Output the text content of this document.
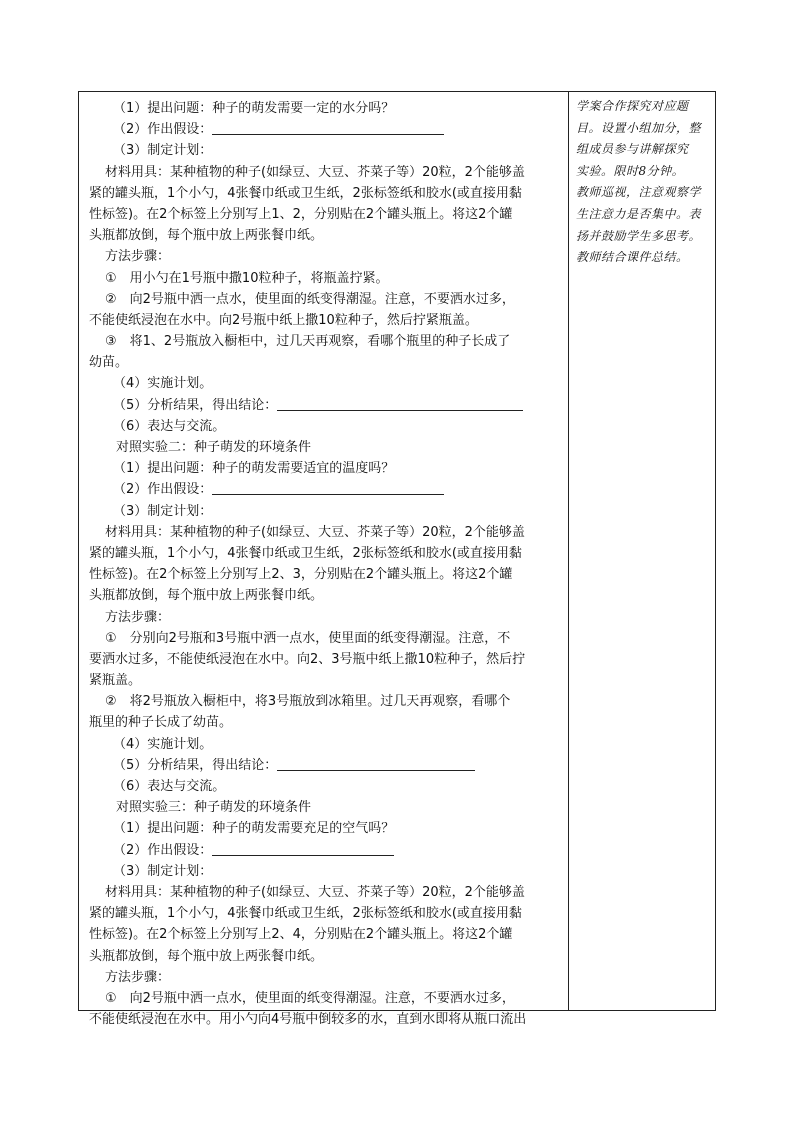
（1）提出问题：种子的萌发需要一定的水分吗？
（2）作出假设：
（3）制定计划：
材料用具：某种植物的种子(如绿豆、大豆、芥菜子等）20粒，2个能够盖
紧的罐头瓶，1个小勺，4张餐巾纸或卫生纸，2张标签纸和胶水(或直接用黏
性标签)。在2个标签上分别写上1、2，分别贴在2个罐头瓶上。将这2个罐
头瓶都放倒，每个瓶中放上两张餐巾纸。
方法步骤：
①　用小勺在1号瓶中撒10粒种子，将瓶盖拧紧。
②　向2号瓶中洒一点水，使里面的纸变得潮湿。注意，不要洒水过多，
不能使纸浸泡在水中。向2号瓶中纸上撒10粒种子，然后拧紧瓶盖。
③　将1、2号瓶放入橱柜中，过几天再观察，看哪个瓶里的种子长成了
幼苗。
（4）实施计划。
（5）分析结果，得出结论：
（6）表达与交流。
对照实验二：种子萌发的环境条件
（1）提出问题：种子的萌发需要适宜的温度吗？
（2）作出假设：
（3）制定计划：
材料用具：某种植物的种子(如绿豆、大豆、芥菜子等）20粒，2个能够盖
紧的罐头瓶，1个小勺，4张餐巾纸或卫生纸，2张标签纸和胶水(或直接用黏
性标签)。在2个标签上分别写上2、3，分别贴在2个罐头瓶上。将这2个罐
头瓶都放倒，每个瓶中放上两张餐巾纸。
方法步骤：
①　分别向2号瓶和3号瓶中洒一点水，使里面的纸变得潮湿。注意，不
要洒水过多，不能使纸浸泡在水中。向2、3号瓶中纸上撒10粒种子，然后拧
紧瓶盖。
②　将2号瓶放入橱柜中，将3号瓶放到冰箱里。过几天再观察，看哪个
瓶里的种子长成了幼苗。
（4）实施计划。
（5）分析结果，得出结论：
（6）表达与交流。
对照实验三：种子萌发的环境条件
（1）提出问题：种子的萌发需要充足的空气吗？
（2）作出假设：
（3）制定计划：
材料用具：某种植物的种子(如绿豆、大豆、芥菜子等）20粒，2个能够盖
紧的罐头瓶，1个小勺，4张餐巾纸或卫生纸，2张标签纸和胶水(或直接用黏
性标签)。在2个标签上分别写上2、4，分别贴在2个罐头瓶上。将这2个罐
头瓶都放倒，每个瓶中放上两张餐巾纸。
方法步骤：
①　向2号瓶中洒一点水，使里面的纸变得潮湿。注意，不要洒水过多，
不能使纸浸泡在水中。用小勺向4号瓶中倒较多的水，直到水即将从瓶口流出
学案合作探究对应题
目。设置小组加分，整
组成员参与讲解探究
实验。限时8分钟。
教师巡视，注意观察学
生注意力是否集中。表
扬并鼓励学生多思考。
教师结合课件总结。
